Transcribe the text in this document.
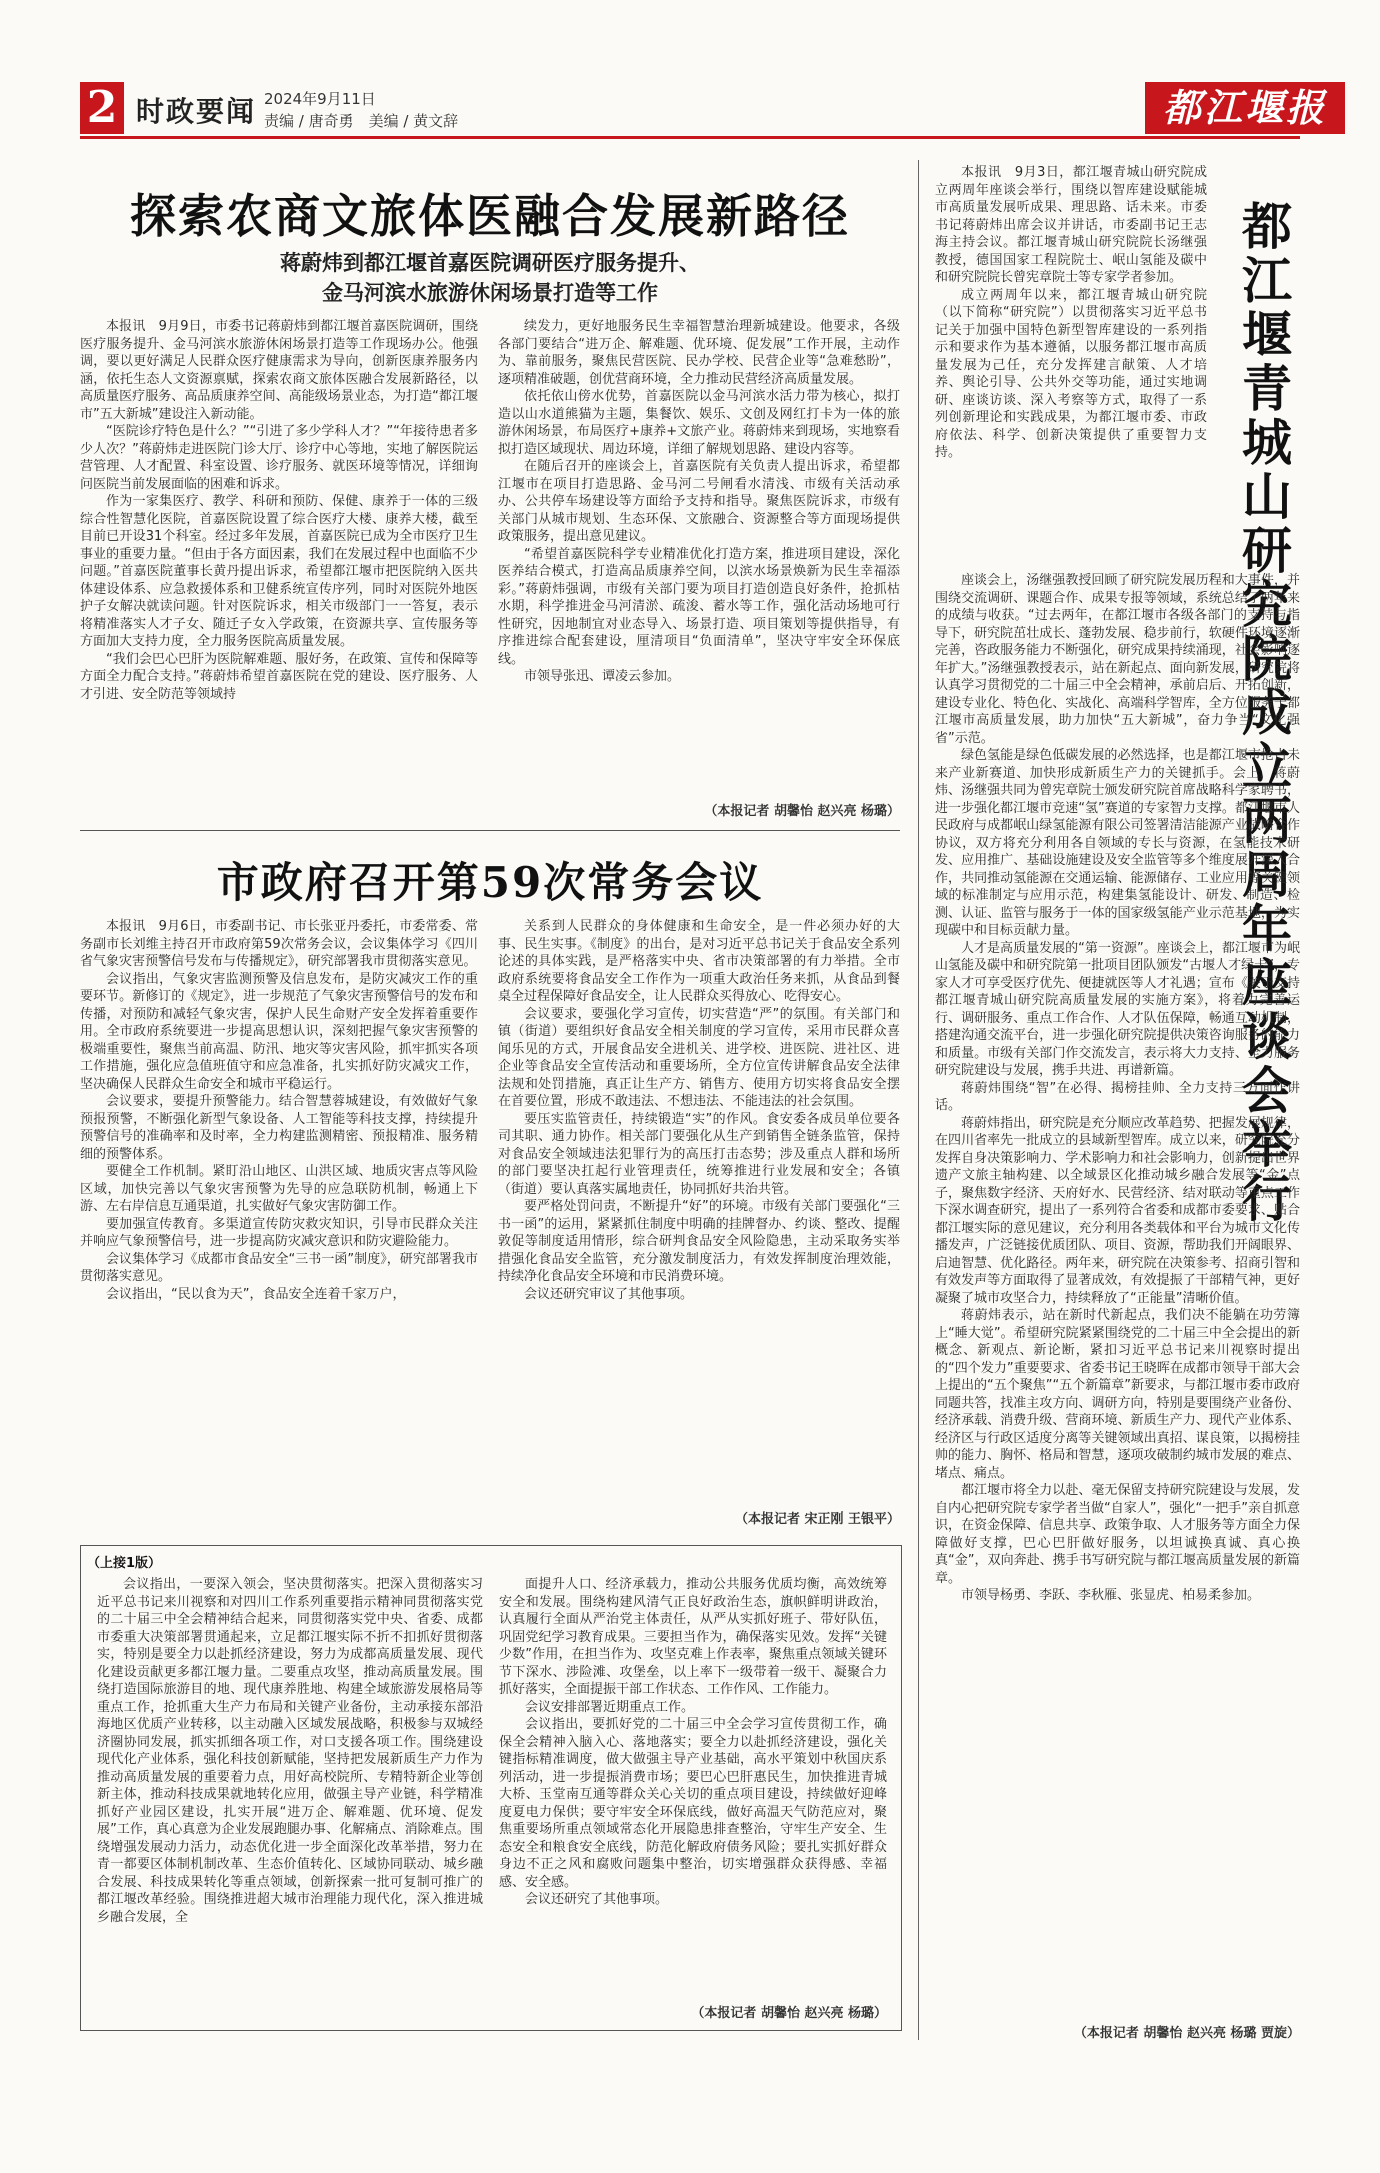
2 时政要闻 2024年9月11日
责编 / 唐奇勇　美编 / 黄文辞	都江堰报
探索农商文旅体医融合发展新路径
蒋蔚炜到都江堰首嘉医院调研医疗服务提升、
金马河滨水旅游休闲场景打造等工作

本报讯　9月9日，市委书记蒋蔚炜到都江堰首嘉医院调研，围绕医疗服务提升、金马河滨水旅游休闲场景打造等工作现场办公。他强调，要以更好满足人民群众医疗健康需求为导向，创新医康养服务内涵，依托生态人文资源禀赋，探索农商文旅体医融合发展新路径，以高质量医疗服务、高品质康养空间、高能级场景业态，为打造“都江堰市”五大新城”建设注入新动能。

“医院诊疗特色是什么？”“引进了多少学科人才？”“年接待患者多少人次？”蒋蔚炜走进医院门诊大厅、诊疗中心等地，实地了解医院运营管理、人才配置、科室设置、诊疗服务、就医环境等情况，详细询问医院当前发展面临的困难和诉求。

作为一家集医疗、教学、科研和预防、保健、康养于一体的三级综合性智慧化医院，首嘉医院设置了综合医疗大楼、康养大楼，截至目前已开设31个科室。经过多年发展，首嘉医院已成为全市医疗卫生事业的重要力量。“但由于各方面因素，我们在发展过程中也面临不少问题。”首嘉医院董事长黄丹提出诉求，希望都江堰市把医院纳入医共体建设体系、应急救援体系和卫健系统宣传序列，同时对医院外地医护子女解决就读问题。针对医院诉求，相关市级部门一一答复，表示将精准落实人才子女、随迁子女入学政策，在资源共享、宣传服务等方面加大支持力度，全力服务医院高质量发展。

“我们会巴心巴肝为医院解难题、服好务，在政策、宣传和保障等方面全力配合支持。”蒋蔚炜希望首嘉医院在党的建设、医疗服务、人才引进、安全防范等领域持

续发力，更好地服务民生幸福智慧治理新城建设。他要求，各级各部门要结合“进万企、解难题、优环境、促发展”工作开展，主动作为、靠前服务，聚焦民营医院、民办学校、民营企业等“急难愁盼”，逐项精准破题，创优营商环境，全力推动民营经济高质量发展。

依托依山傍水优势，首嘉医院以金马河滨水活力带为核心，拟打造以山水道熊猫为主题，集餐饮、娱乐、文创及网红打卡为一体的旅游休闲场景，布局医疗+康养+文旅产业。蒋蔚炜来到现场，实地察看拟打造区域现状、周边环境，详细了解规划思路、建设内容等。

在随后召开的座谈会上，首嘉医院有关负责人提出诉求，希望都江堰市在项目打造思路、金马河二号闸看水清浅、市级有关活动承办、公共停车场建设等方面给予支持和指导。聚焦医院诉求，市级有关部门从城市规划、生态环保、文旅融合、资源整合等方面现场提供政策服务，提出意见建议。

“希望首嘉医院科学专业精准优化打造方案，推进项目建设，深化医养结合模式，打造高品质康养空间，以滨水场景焕新为民生幸福添彩。”蒋蔚炜强调，市级有关部门要为项目打造创造良好条件，抢抓枯水期，科学推进金马河清淤、疏浚、蓄水等工作，强化活动场地可行性研究，因地制宜对业态导入、场景打造、项目策划等提供指导，有序推进综合配套建设，厘清项目“负面清单”，坚决守牢安全环保底线。

市领导张迅、谭凌云参加。

（本报记者 胡馨怡 赵兴亮 杨璐）
市政府召开第59次常务会议

本报讯　9月6日，市委副书记、市长张亚丹委托，市委常委、常务副市长刘维主持召开市政府第59次常务会议，会议集体学习《四川省气象灾害预警信号发布与传播规定》，研究部署我市贯彻落实意见。

会议指出，气象灾害监测预警及信息发布，是防灾减灾工作的重要环节。新修订的《规定》，进一步规范了气象灾害预警信号的发布和传播，对预防和减轻气象灾害，保护人民生命财产安全发挥着重要作用。全市政府系统要进一步提高思想认识，深刻把握气象灾害预警的极端重要性，聚焦当前高温、防汛、地灾等灾害风险，抓牢抓实各项工作措施，强化应急值班值守和应急准备，扎实抓好防灾减灾工作，坚决确保人民群众生命安全和城市平稳运行。

会议要求，要提升预警能力。结合智慧蓉城建设，有效做好气象预报预警，不断强化新型气象设备、人工智能等科技支撑，持续提升预警信号的准确率和及时率，全力构建监测精密、预报精准、服务精细的预警体系。

要健全工作机制。紧盯沿山地区、山洪区域、地质灾害点等风险区域，加快完善以气象灾害预警为先导的应急联防机制，畅通上下游、左右岸信息互通渠道，扎实做好气象灾害防御工作。

要加强宣传教育。多渠道宣传防灾救灾知识，引导市民群众关注并响应气象预警信号，进一步提高防灾减灾意识和防灾避险能力。

会议集体学习《成都市食品安全“三书一函”制度》，研究部署我市贯彻落实意见。

会议指出，“民以食为天”，食品安全连着千家万户，

关系到人民群众的身体健康和生命安全，是一件必须办好的大事、民生实事。《制度》的出台，是对习近平总书记关于食品安全系列论述的具体实践，是严格落实中央、省市决策部署的有力举措。全市政府系统要将食品安全工作作为一项重大政治任务来抓，从食品到餐桌全过程保障好食品安全，让人民群众买得放心、吃得安心。

会议要求，要强化学习宣传，切实营造“严”的氛围。有关部门和镇（街道）要组织好食品安全相关制度的学习宣传，采用市民群众喜闻乐见的方式，开展食品安全进机关、进学校、进医院、进社区、进企业等食品安全宣传活动和重要场所，全方位宣传讲解食品安全法律法规和处罚措施，真正让生产方、销售方、使用方切实将食品安全摆在首要位置，形成不敢违法、不想违法、不能违法的社会氛围。

要压实监管责任，持续锻造“实”的作风。食安委各成员单位要各司其职、通力协作。相关部门要强化从生产到销售全链条监管，保持对食品安全领域违法犯罪行为的高压打击态势；涉及重点人群和场所的部门要坚决扛起行业管理责任，统筹推进行业发展和安全；各镇（街道）要认真落实属地责任，协同抓好共治共管。

要严格处罚问责，不断提升“好”的环境。市级有关部门要强化“三书一函”的运用，紧紧抓住制度中明确的挂牌督办、约谈、整改、提醒敦促等制度适用情形，综合研判食品安全风险隐患，主动采取务实举措强化食品安全监管，充分激发制度活力，有效发挥制度治理效能，持续净化食品安全环境和市民消费环境。

会议还研究审议了其他事项。

（本报记者 宋正刚 王银平）
（上接1版）

会议指出，一要深入领会，坚决贯彻落实。把深入贯彻落实习近平总书记来川视察和对四川工作系列重要指示精神同贯彻落实党的二十届三中全会精神结合起来，同贯彻落实党中央、省委、成都市委重大决策部署贯通起来，立足都江堰实际不折不扣抓好贯彻落实，特别是要全力以赴抓经济建设，努力为成都高质量发展、现代化建设贡献更多都江堰力量。二要重点攻坚，推动高质量发展。围绕打造国际旅游目的地、现代康养胜地、构建全域旅游发展格局等重点工作，抢抓重大生产力布局和关键产业备份，主动承接东部沿海地区优质产业转移，以主动融入区域发展战略，积极参与双城经济圈协同发展，抓实抓细各项工作，对口支援各项工作。围绕建设现代化产业体系，强化科技创新赋能，坚持把发展新质生产力作为推动高质量发展的重要着力点，用好高校院所、专精特新企业等创新主体，推动科技成果就地转化应用，做强主导产业链，科学精准抓好产业园区建设，扎实开展“进万企、解难题、优环境、促发展”工作，真心真意为企业发展跑腿办事、化解痛点、消除难点。围绕增强发展动力活力，动态优化进一步全面深化改革举措，努力在青一都要区体制机制改革、生态价值转化、区域协同联动、城乡融合发展、科技成果转化等重点领域，创新探索一批可复制可推广的都江堰改革经验。围绕推进超大城市治理能力现代化，深入推进城乡融合发展，全

面提升人口、经济承载力，推动公共服务优质均衡，高效统筹安全和发展。围绕构建风清气正良好政治生态，旗帜鲜明讲政治，认真履行全面从严治党主体责任，从严从实抓好班子、带好队伍，巩固党纪学习教育成果。三要担当作为，确保落实见效。发挥“关键少数”作用，在担当作为、攻坚克难上作表率，聚焦重点领域关键环节下深水、涉险滩、攻堡垒，以上率下一级带着一级干、凝聚合力抓好落实，全面提振干部工作状态、工作作风、工作能力。

会议安排部署近期重点工作。

会议指出，要抓好党的二十届三中全会学习宣传贯彻工作，确保全会精神入脑入心、落地落实；要全力以赴抓经济建设，强化关键指标精准调度，做大做强主导产业基础，高水平策划中秋国庆系列活动，进一步提振消费市场；要巴心巴肝惠民生，加快推进青城大桥、玉堂南互通等群众关心关切的重点项目建设，持续做好迎峰度夏电力保供；要守牢安全环保底线，做好高温天气防范应对，聚焦重要场所重点领域常态化开展隐患排查整治，守牢生产安全、生态安全和粮食安全底线，防范化解政府债务风险；要扎实抓好群众身边不正之风和腐败问题集中整治，切实增强群众获得感、幸福感、安全感。

会议还研究了其他事项。

（本报记者 胡馨怡 赵兴亮 杨璐）
都江堰青城山研究院成立两周年座谈会举行

本报讯　9月3日，都江堰青城山研究院成立两周年座谈会举行，围绕以智库建设赋能城市高质量发展听成果、理思路、话未来。市委书记蒋蔚炜出席会议并讲话，市委副书记王志海主持会议。都江堰青城山研究院院长汤继强教授，德国国家工程院院士、岷山氢能及碳中和研究院院长曾宪章院士等专家学者参加。

成立两周年以来，都江堰青城山研究院（以下简称“研究院”）以贯彻落实习近平总书记关于加强中国特色新型智库建设的一系列指示和要求作为基本遵循，以服务都江堰市高质量发展为己任，充分发挥建言献策、人才培养、舆论引导、公共外交等功能，通过实地调研、座谈访谈、深入考察等方式，取得了一系列创新理论和实践成果，为都江堰市委、市政府依法、科学、创新决策提供了重要智力支持。

座谈会上，汤继强教授回顾了研究院发展历程和大事件，并围绕交流调研、课题合作、成果专报等领域，系统总结了两年来的成绩与收获。“过去两年，在都江堰市各级各部门的支持与指导下，研究院茁壮成长、蓬勃发展、稳步前行，软硬件环境逐渐完善，咨政服务能力不断强化，研究成果持续涌现，社会影响逐年扩大。”汤继强教授表示，站在新起点、面向新发展，研究院将认真学习贯彻党的二十届三中全会精神，承前启后、开拓创新，建设专业化、特色化、实战化、高端科学智库，全方位服务于都江堰市高质量发展，助力加快“五大新城”，奋力争当“文化强省”示范。

绿色氢能是绿色低碳发展的必然选择，也是都江堰市抢占未来产业新赛道、加快形成新质生产力的关键抓手。会上，蒋蔚炜、汤继强共同为曾宪章院士颁发研究院首席战略科学家聘书，进一步强化都江堰市竞速“氢”赛道的专家智力支撑。都江堰市人民政府与成都岷山绿氢能源有限公司签署清洁能源产业战略合作协议，双方将充分利用各自领域的专长与资源，在氢能技术研发、应用推广、基础设施建设及安全监管等多个维度展开深入合作，共同推动氢能源在交通运输、能源储存、工业应用等关键领域的标准制定与应用示范，构建集氢能设计、研发、制造、检测、认证、监管与服务于一体的国家级氢能产业示范基地，为实现碳中和目标贡献力量。

人才是高质量发展的“第一资源”。座谈会上，都江堰市为岷山氢能及碳中和研究院第一批项目团队颁发“古堰人才绿卡”，专家人才可享受医疗优先、便捷就医等人才礼遇；宣布《关于支持都江堰青城山研究院高质量发展的实施方案》，将着力完善运行、调研服务、重点工作合作、人才队伍保障，畅通互动机制，搭建沟通交流平台，进一步强化研究院提供决策咨询服务的能力和质量。市级有关部门作交流发言，表示将大力支持、全力服务研究院建设与发展，携手共进、再谱新篇。

蒋蔚炜围绕“智”在必得、揭榜挂帅、全力支持三方面作讲话。

蒋蔚炜指出，研究院是充分顺应改革趋势、把握发展规律，在四川省率先一批成立的县域新型智库。成立以来，研究院充分发挥自身决策影响力、学术影响力和社会影响力，创新提出世界遗产文旅主轴构建、以全域景区化推动城乡融合发展等“金”点子，聚焦数字经济、天府好水、民营经济、结对联动等重点工作下深水调查研究，提出了一系列符合省委和成都市委要求、贴合都江堰实际的意见建议，充分利用各类载体和平台为城市文化传播发声，广泛链接优质团队、项目、资源，帮助我们开阔眼界、启迪智慧、优化路径。两年来，研究院在决策参考、招商引智和有效发声等方面取得了显著成效，有效提振了干部精气神，更好凝聚了城市攻坚合力，持续释放了“正能量”清晰价值。

蒋蔚炜表示，站在新时代新起点，我们决不能躺在功劳簿上“睡大觉”。希望研究院紧紧围绕党的二十届三中全会提出的新概念、新观点、新论断，紧扣习近平总书记来川视察时提出的“四个发力”重要要求、省委书记王晓晖在成都市领导干部大会上提出的“五个聚焦”“五个新篇章”新要求，与都江堰市委市政府同题共答，找准主攻方向、调研方向，特别是要围绕产业备份、经济承载、消费升级、营商环境、新质生产力、现代产业体系、经济区与行政区适度分离等关键领域出真招、谋良策，以揭榜挂帅的能力、胸怀、格局和智慧，逐项攻破制约城市发展的难点、堵点、痛点。

都江堰市将全力以赴、毫无保留支持研究院建设与发展，发自内心把研究院专家学者当做“自家人”，强化“一把手”亲自抓意识，在资金保障、信息共享、政策争取、人才服务等方面全力保障做好支撑，巴心巴肝做好服务，以坦诚换真诚、真心换真“金”，双向奔赴、携手书写研究院与都江堰高质量发展的新篇章。

市领导杨勇、李跃、李秋雁、张显虎、柏易柔参加。

（本报记者 胡馨怡 赵兴亮 杨璐 贾旋）
